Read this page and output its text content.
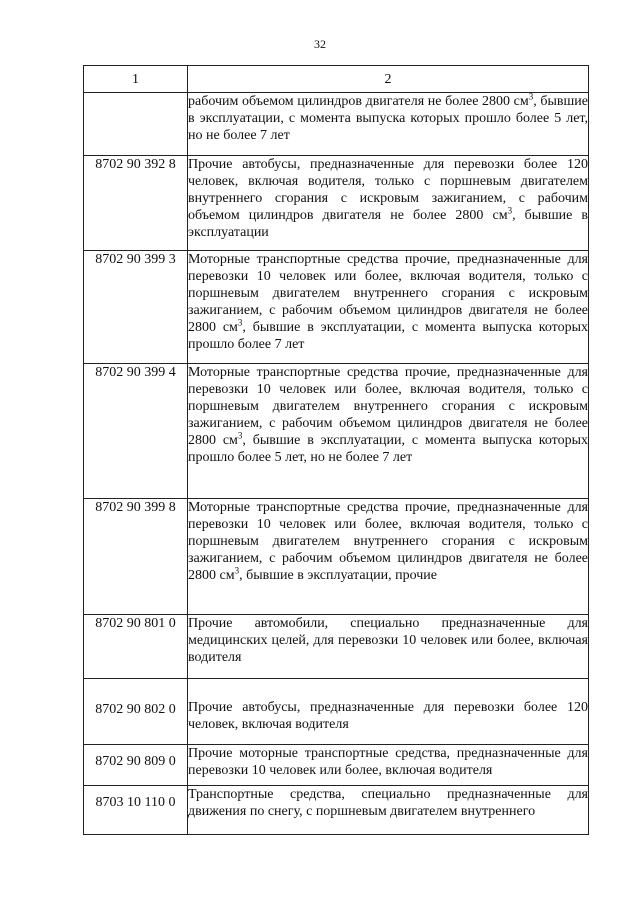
32
1	2

	рабочим объемом цилиндров двигателя не более 2800 $см^3$, бывшие в эксплуатации, с момента выпуска которых прошло более 5 лет, но не более 7 лет

8702 90 392 8	Прочие автобусы, предназначенные для перевозки более 120 человек, включая водителя, только с поршневым двигателем внутреннего сгорания с искровым зажиганием, с рабочим объемом цилиндров двигателя не более 2800 $см^3$, бывшие в эксплуатации

8702 90 399 3	Моторные транспортные средства прочие, предназначенные для перевозки 10 человек или более, включая водителя, только с поршневым двигателем внутреннего сгорания с искровым зажиганием, с рабочим объемом цилиндров двигателя не более 2800 $см^3$, бывшие в эксплуатации, с момента выпуска которых прошло более 7 лет

8702 90 399 4	Моторные транспортные средства прочие, предназначенные для перевозки 10 человек или более, включая водителя, только с поршневым двигателем внутреннего сгорания с искровым зажиганием, с рабочим объемом цилиндров двигателя не более 2800 $см^3$, бывшие в эксплуатации, с момента выпуска которых прошло более 5 лет, но не более 7 лет

8702 90 399 8	Моторные транспортные средства прочие, предназначенные для перевозки 10 человек или более, включая водителя, только с поршневым двигателем внутреннего сгорания с искровым зажиганием, с рабочим объемом цилиндров двигателя не более 2800 $см^3$, бывшие в эксплуатации, прочие

8702 90 801 0	Прочие автомобили, специально предназначенные для медицинских целей, для перевозки 10 человек или более, включая водителя

8702 90 802 0	Прочие автобусы, предназначенные для перевозки более 120 человек, включая водителя

8702 90 809 0	Прочие моторные транспортные средства, предназначенные для перевозки 10 человек или более, включая водителя

8703 10 110 0	Транспортные средства, специально предназначенные для движения по снегу, с поршневым двигателем внутреннего
